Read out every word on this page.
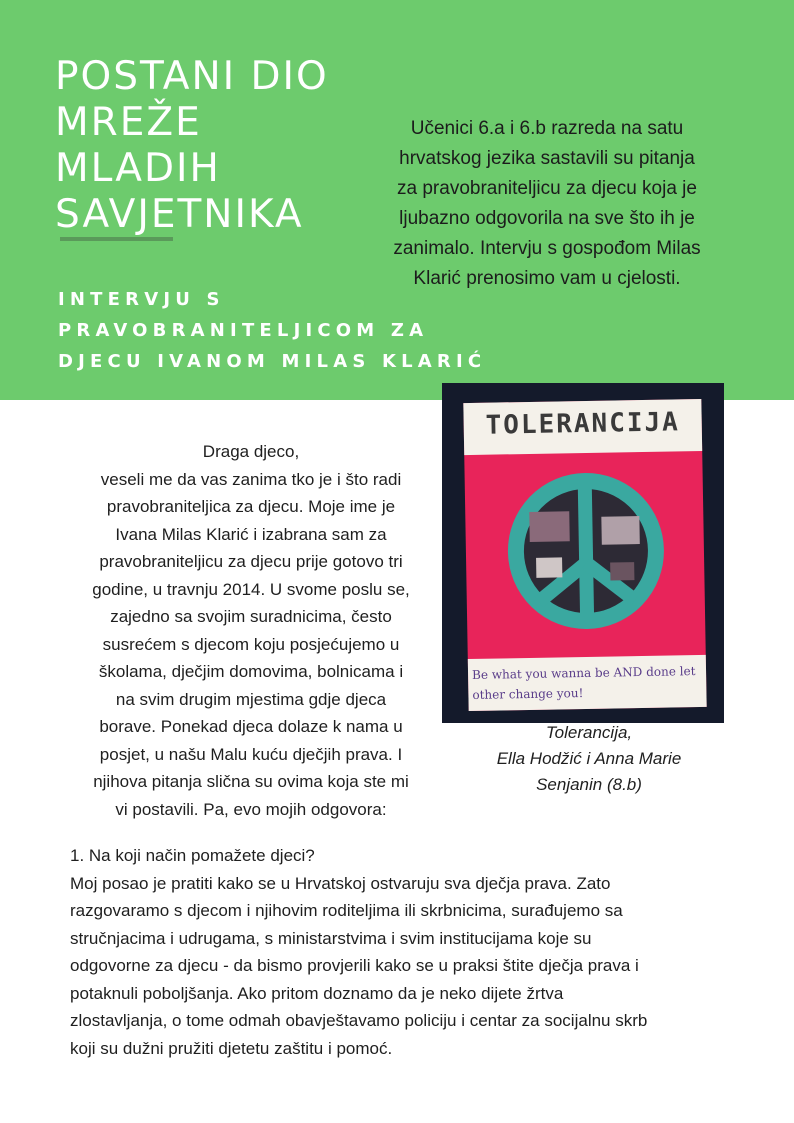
POSTANI DIO MREŽE
MLADIH
SAVJETNIKA
INTERVJU S
PRAVOBRANITELJICOM ZA
DJECU IVANOM MILAS KLARIĆ

Učenici 6.a i 6.b razreda na satu
hrvatskog jezika sastavili su pitanja
za pravobraniteljicu za djecu koja je
ljubazno odgovorila na sve što ih je
zanimalo. Intervju s gospođom Milas
Klarić prenosimo vam u cjelosti.

TOLERANCIJA
Be what you wanna be AND done let other change you!

Tolerancija,
Ella Hodžić i Anna Marie
Senjanin (8.b)

Draga djeco,
veseli me da vas zanima tko je i što radi
pravobraniteljica za djecu. Moje ime je
Ivana Milas Klarić i izabrana sam za
pravobraniteljicu za djecu prije gotovo tri
godine, u travnju 2014. U svome poslu se,
zajedno sa svojim suradnicima, često
susrećem s djecom koju posjećujemo u
školama, dječjim domovima, bolnicama i
na svim drugim mjestima gdje djeca
borave. Ponekad djeca dolaze k nama u
posjet, u našu Malu kuću dječjih prava. I
njihova pitanja slična su ovima koja ste mi
vi postavili. Pa, evo mojih odgovora:

1. Na koji način pomažete djeci?

Moj posao je pratiti kako se u Hrvatskoj ostvaruju sva dječja prava. Zato
razgovaramo s djecom i njihovim roditeljima ili skrbnicima, surađujemo sa
stručnjacima i udrugama, s ministarstvima i svim institucijama koje su
odgovorne za djecu - da bismo provjerili kako se u praksi štite dječja prava i
potaknuli poboljšanja. Ako pritom doznamo da je neko dijete žrtva
zlostavljanja, o tome odmah obavještavamo policiju i centar za socijalnu skrb
koji su dužni pružiti djetetu zaštitu i pomoć.
